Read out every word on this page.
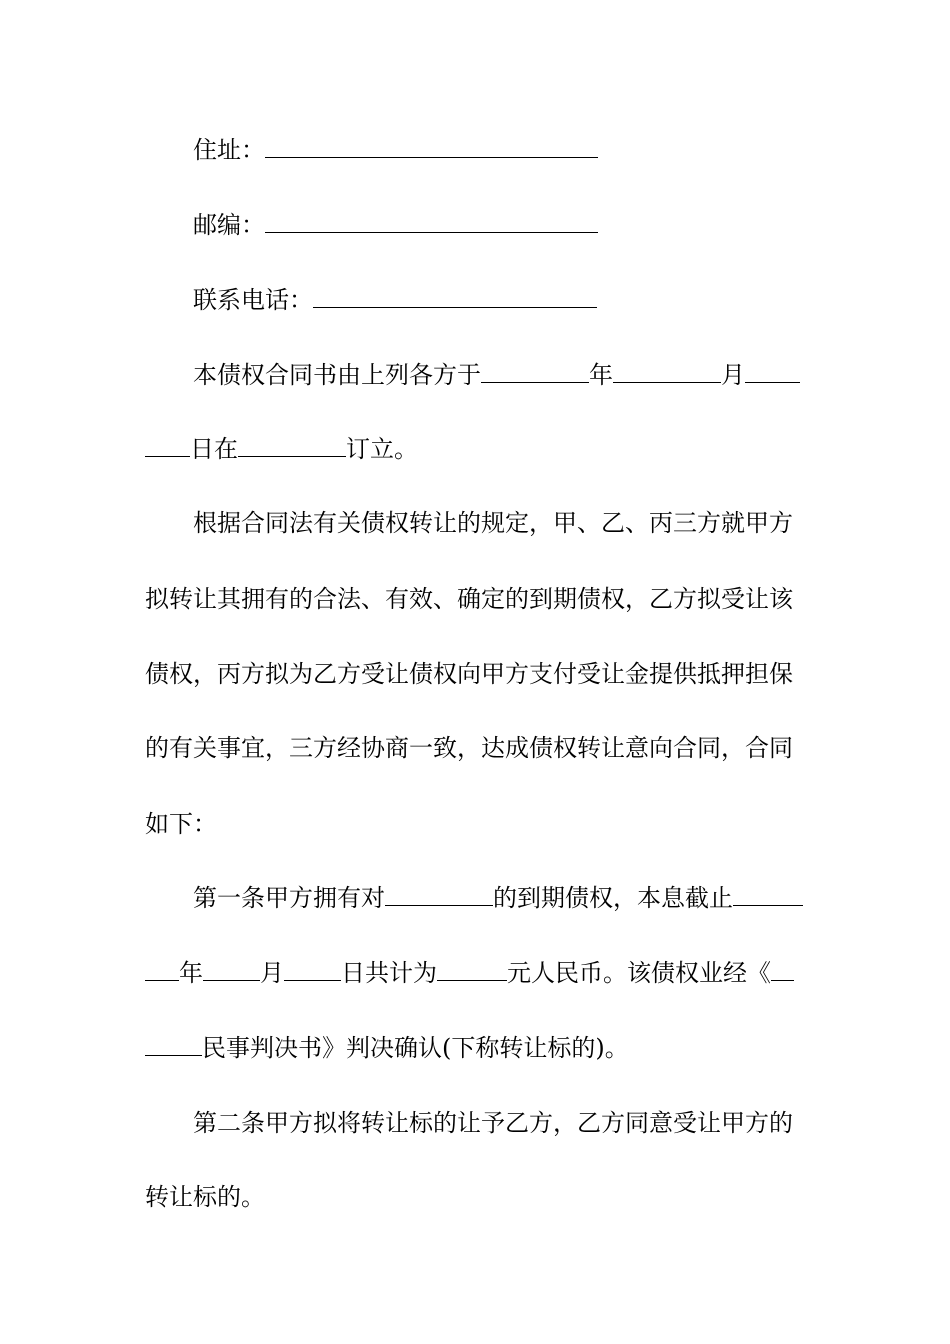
住址：
邮编：
联系电话：
本债权合同书由上列各方于	年	月
日在	订立。
根据合同法有关债权转让的规定，甲、乙、丙三方就甲方
拟转让其拥有的合法、有效、确定的到期债权，乙方拟受让该
债权，丙方拟为乙方受让债权向甲方支付受让金提供抵押担保
的有关事宜，三方经协商一致，达成债权转让意向合同，合同
如下：
第一条甲方拥有对	的到期债权，本息截止
年 月 日共计为	元人民币。该债权业经《
民事判决书》判决确认(下称转让标的)。
第二条甲方拟将转让标的让予乙方，乙方同意受让甲方的
转让标的。
